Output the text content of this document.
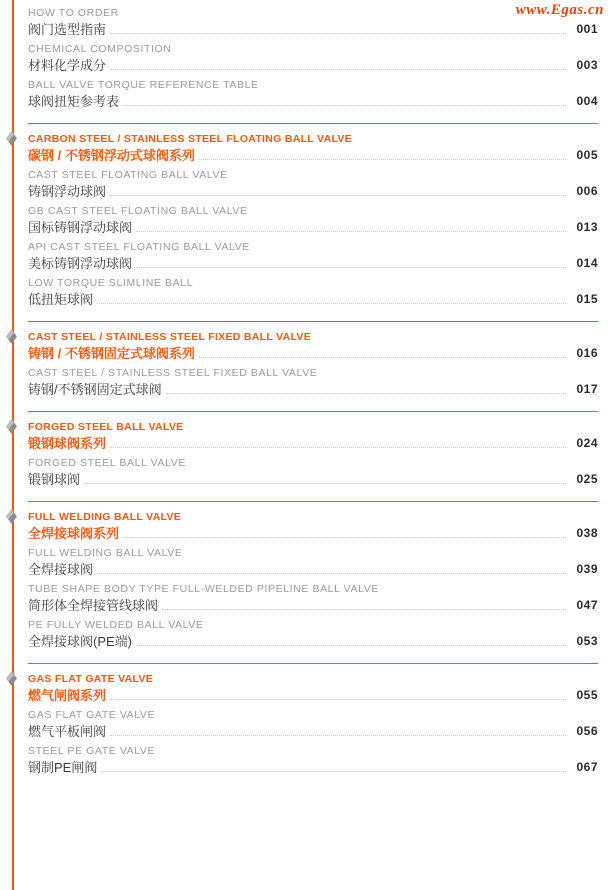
www.Egas.cn
HOW TO ORDER
阀门选型指南	001
CHEMICAL COMPOSITION
材料化学成分	003
BALL VALVE TORQUE REFERENCE TABLE
球阀扭矩参考表	004
CARBON STEEL / STAINLESS STEEL FLOATING BALL VALVE
碳钢 / 不锈钢浮动式球阀系列	005
CAST STEEL FLOATING BALL VALVE
铸钢浮动球阀	006
GB CAST STEEL FLOATING BALL VALVE
国标铸钢浮动球阀	013
API CAST STEEL FLOATING BALL VALVE
美标铸钢浮动球阀	014
LOW TORQUE SLIMLINE BALL
低扭矩球阀	015
CAST STEEL / STAINLESS STEEL FIXED BALL VALVE
铸钢 / 不锈钢固定式球阀系列	016
CAST STEEL / STAINLESS STEEL FIXED BALL VALVE
铸钢/不锈钢固定式球阀	017
FORGED STEEL BALL VALVE
锻钢球阀系列	024
FORGED STEEL BALL VALVE
锻钢球阀	025
FULL WELDING BALL VALVE
全焊接球阀系列	038
FULL WELDING BALL VALVE
全焊接球阀	039
TUBE SHAPE BODY TYPE FULL-WELDED PIPELINE BALL VALVE
简形体全焊接管线球阀	047
PE FULLY WELDED BALL VALVE
全焊接球阀(PE端)	053
GAS FLAT GATE VALVE
燃气闸阀系列	055
GAS FLAT GATE VALVE
燃气平板闸阀	056
STEEL PE GATE VALVE
钢制PE闸阀	067
